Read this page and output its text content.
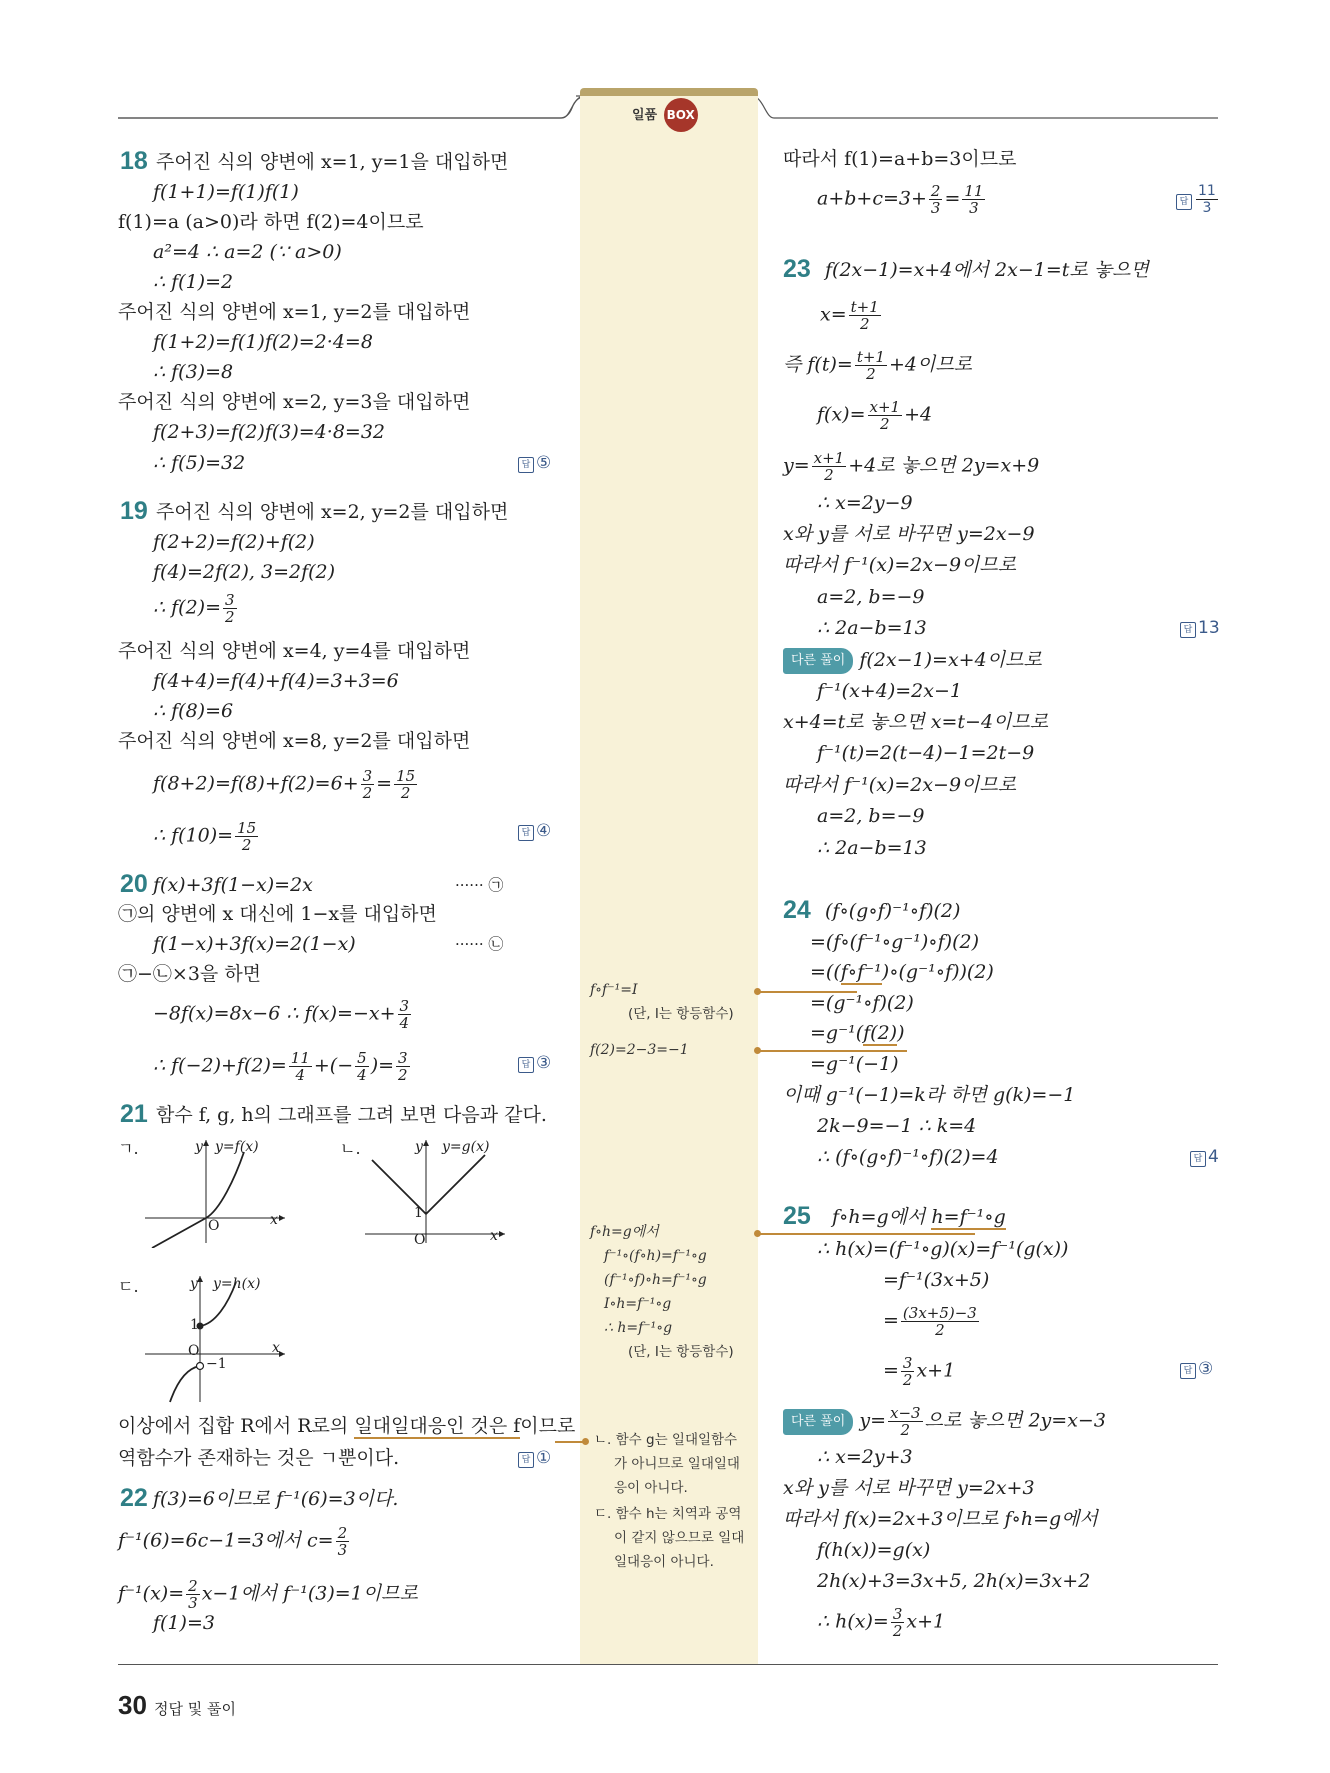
일품 BOX
18 주어진 식의 양변에 x=1, y=1을 대입하면
f(1+1)=f(1)f(1)
f(1)=a (a>0)라 하면 f(2)=4이므로
a²=4 ∴ a=2 (∵ a>0)
∴ f(1)=2
주어진 식의 양변에 x=1, y=2를 대입하면
f(1+2)=f(1)f(2)=2·4=8
∴ f(3)=8
주어진 식의 양변에 x=2, y=3을 대입하면
f(2+3)=f(2)f(3)=4·8=32
∴ f(5)=32	답 ⑤
19 주어진 식의 양변에 x=2, y=2를 대입하면
f(2+2)=f(2)+f(2)
f(4)=2f(2), 3=2f(2)
∴ $f(2)= \frac{3}{2}$
주어진 식의 양변에 x=4, y=4를 대입하면
f(4+4)=f(4)+f(4)=3+3=6
∴ f(8)=6
주어진 식의 양변에 x=8, y=2를 대입하면
$f(8+2)=f(8)+f(2)=6+ \frac{3}{2} = \frac{15}{2}$
∴ $f(10)= \frac{15}{2}$	답 ④
20 f(x)+3f(1−x)=2x	······ ㉠
㉠의 양변에 x 대신에 1−x를 대입하면
f(1−x)+3f(x)=2(1−x)	······ ㉡
㉠−㉡×3을 하면
−8f(x)=8x−6 ∴ $f(x)=-x+ \frac{3}{4}$
∴ $f(-2)+f(2)= \frac{11}{4}$ +(− $\frac{5}{4}$ )= $\frac{3}{2}$	답 ③
21 함수 f, g, h의 그래프를 그려 보면 다음과 같다.
ㄱ.	y=f(x)
y
x
O
ㄴ.	y=g(x)
y
x
1
O
ㄷ.	y=h(x)
y
x
1
O
−1
이상에서 집합 R에서 R로의 일대일대응인 것은 f이므로
역함수가 존재하는 것은 ㄱ뿐이다.	답 ①
22 f(3)=6이므로 f⁻¹(6)=3이다.
f⁻¹(6)=6c−1=3에서 $c= \frac{2}{3}$
$f^{-1}(x)= \frac{2}{3} x-1$에서 f⁻¹(3)=1이므로
f(1)=3
f∘f⁻¹=I
(단, I는 항등함수)
f(2)=2−3=−1
f∘h=g에서
f⁻¹∘(f∘h)=f⁻¹∘g
(f⁻¹∘f)∘h=f⁻¹∘g
I∘h=f⁻¹∘g
∴ h=f⁻¹∘g
(단, I는 항등함수)
ㄴ. 함수 g는 일대일함수
가 아니므로 일대일대
응이 아니다.
ㄷ. 함수 h는 치역과 공역
이 같지 않으므로 일대
일대응이 아니다.
따라서 f(1)=a+b=3이므로
$a+b+c=3+ \frac{2}{3} = \frac{11}{3}$	답 $\frac{11}{3}$
23 f(2x−1)=x+4에서 2x−1=t로 놓으면
$x= \frac{t+1}{2}$
즉 $f(t)= \frac{t+1}{2} +4$이므로
$f(x)= \frac{x+1}{2} +4$
$y= \frac{x+1}{2} +4$로 놓으면 2y=x+9
∴ x=2y−9
x와 y를 서로 바꾸면 y=2x−9
따라서 f⁻¹(x)=2x−9이므로
a=2, b=−9
∴ 2a−b=13	답 13
다른 풀이 f(2x−1)=x+4이므로
f⁻¹(x+4)=2x−1
x+4=t로 놓으면 x=t−4이므로
f⁻¹(t)=2(t−4)−1=2t−9
따라서 f⁻¹(x)=2x−9이므로
a=2, b=−9
∴ 2a−b=13
24 (f∘(g∘f)⁻¹∘f)(2)
=(f∘(f⁻¹∘g⁻¹)∘f)(2)
=((f∘f⁻¹)∘(g⁻¹∘f))(2)
=(g⁻¹∘f)(2)
=g⁻¹(f(2))
=g⁻¹(−1)
이때 g⁻¹(−1)=k라 하면 g(k)=−1
2k−9=−1 ∴ k=4
∴ (f∘(g∘f)⁻¹∘f)(2)=4	답 4
25 f∘h=g에서 h=f⁻¹∘g
∴ h(x)=(f⁻¹∘g)(x)=f⁻¹(g(x))
=f⁻¹(3x+5)
= $\frac{(3x+5)-3}{2}$
= $\frac{3}{2} x+1$	답 ③
다른 풀이 $y= \frac{x-3}{2}$ 으로 놓으면 2y=x−3
∴ x=2y+3
x와 y를 서로 바꾸면 y=2x+3
따라서 f(x)=2x+3이므로 f∘h=g에서
f(h(x))=g(x)
2h(x)+3=3x+5, 2h(x)=3x+2
∴ $h(x)= \frac{3}{2} x+1$
30 정답 및 풀이
